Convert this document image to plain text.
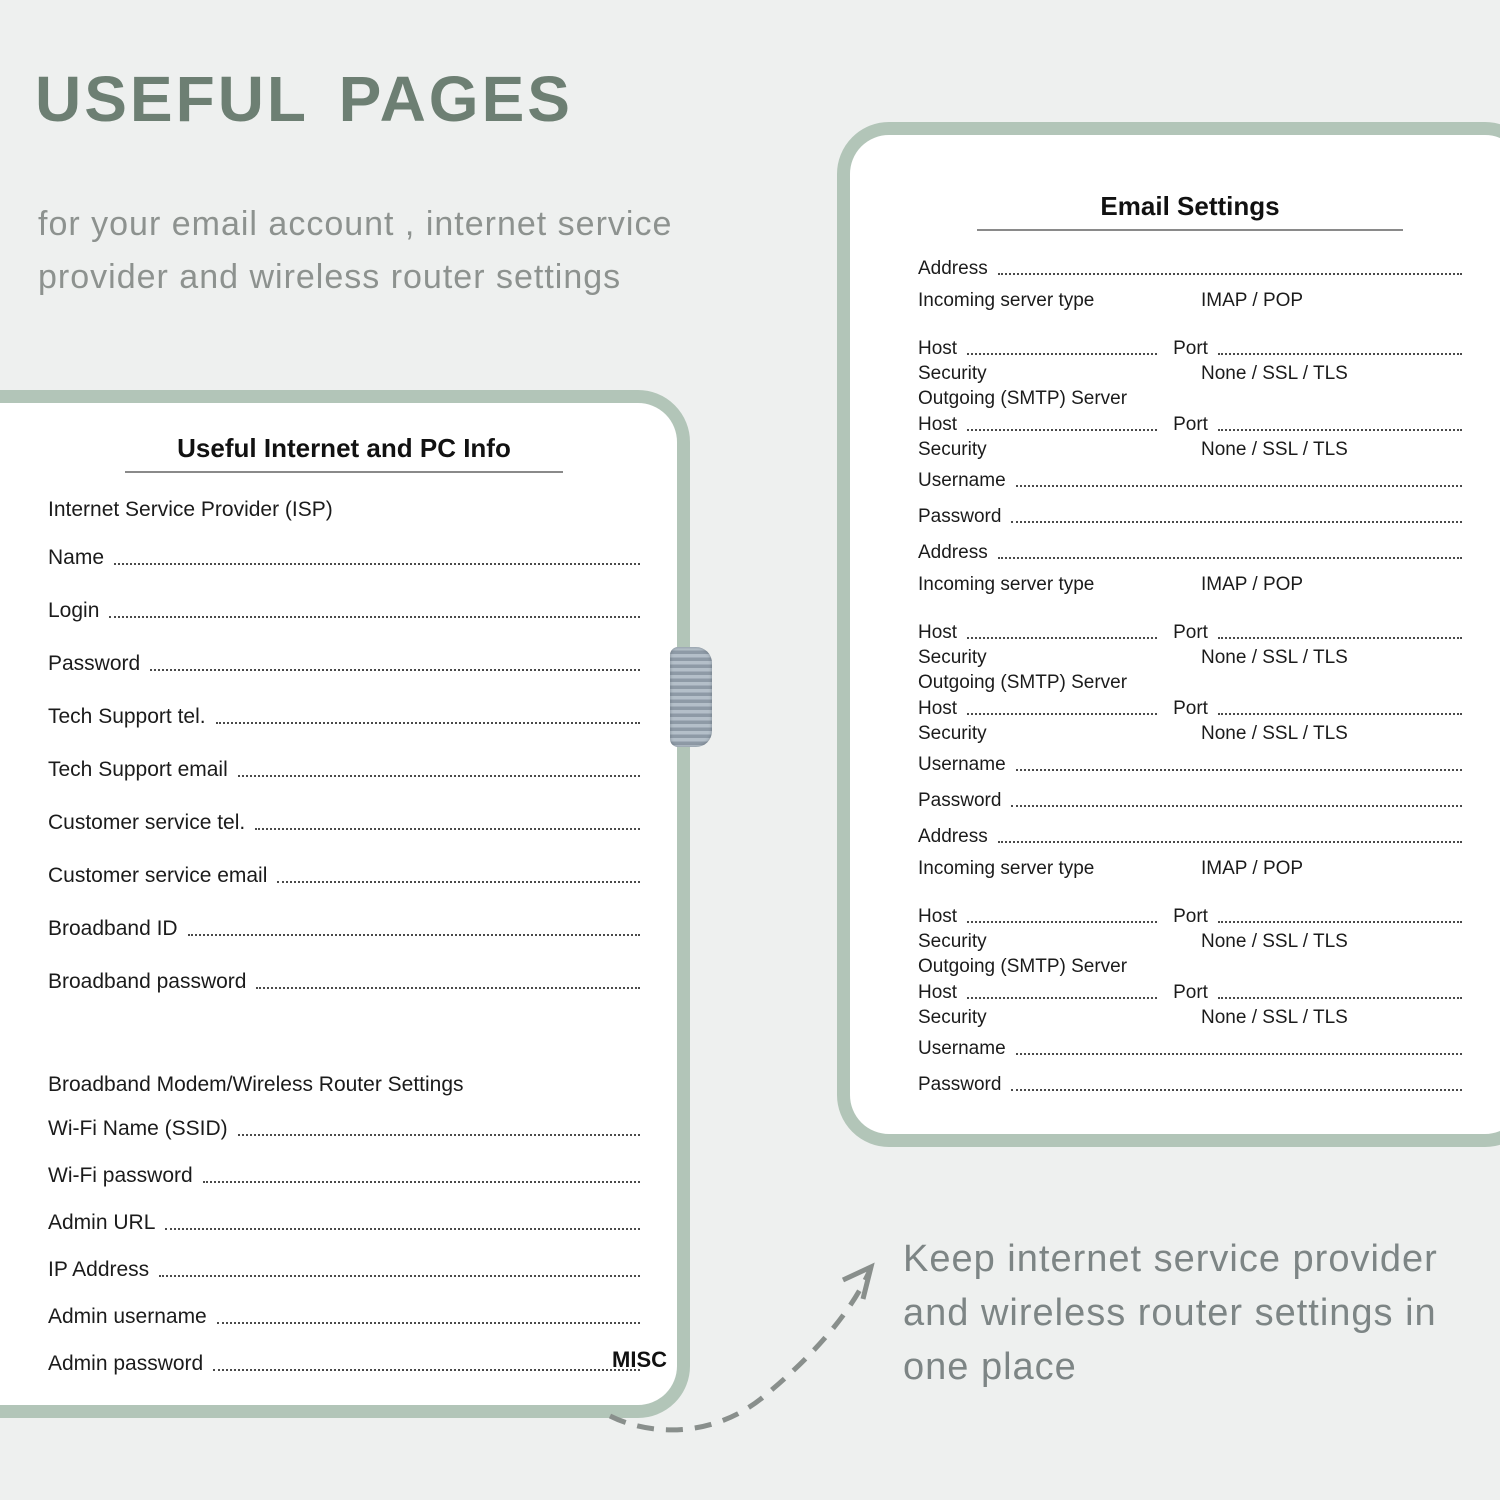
USEFUL PAGES

for your email account , internet service
provider and wireless router settings

Useful Internet and PC Info
Internet Service Provider (ISP)
Name
Login
Password
Tech Support tel.
Tech Support email
Customer service tel.
Customer service email
Broadband ID
Broadband password
Broadband Modem/Wireless Router Settings
Wi-Fi Name (SSID)
Wi-Fi password
Admin URL
IP Address
Admin username
Admin password	MISC
Email Settings
Address
Incoming server type	IMAP / POP
Host	Port
Security	None / SSL / TLS
Outgoing (SMTP) Server
Host	Port
Security	None / SSL / TLS
Username
Password
Address
Incoming server type	IMAP / POP
Host	Port
Security	None / SSL / TLS
Outgoing (SMTP) Server
Host	Port
Security	None / SSL / TLS
Username
Password
Address
Incoming server type	IMAP / POP
Host	Port
Security	None / SSL / TLS
Outgoing (SMTP) Server
Host	Port
Security	None / SSL / TLS
Username
Password
Keep internet service provider
and wireless router settings in
one place
